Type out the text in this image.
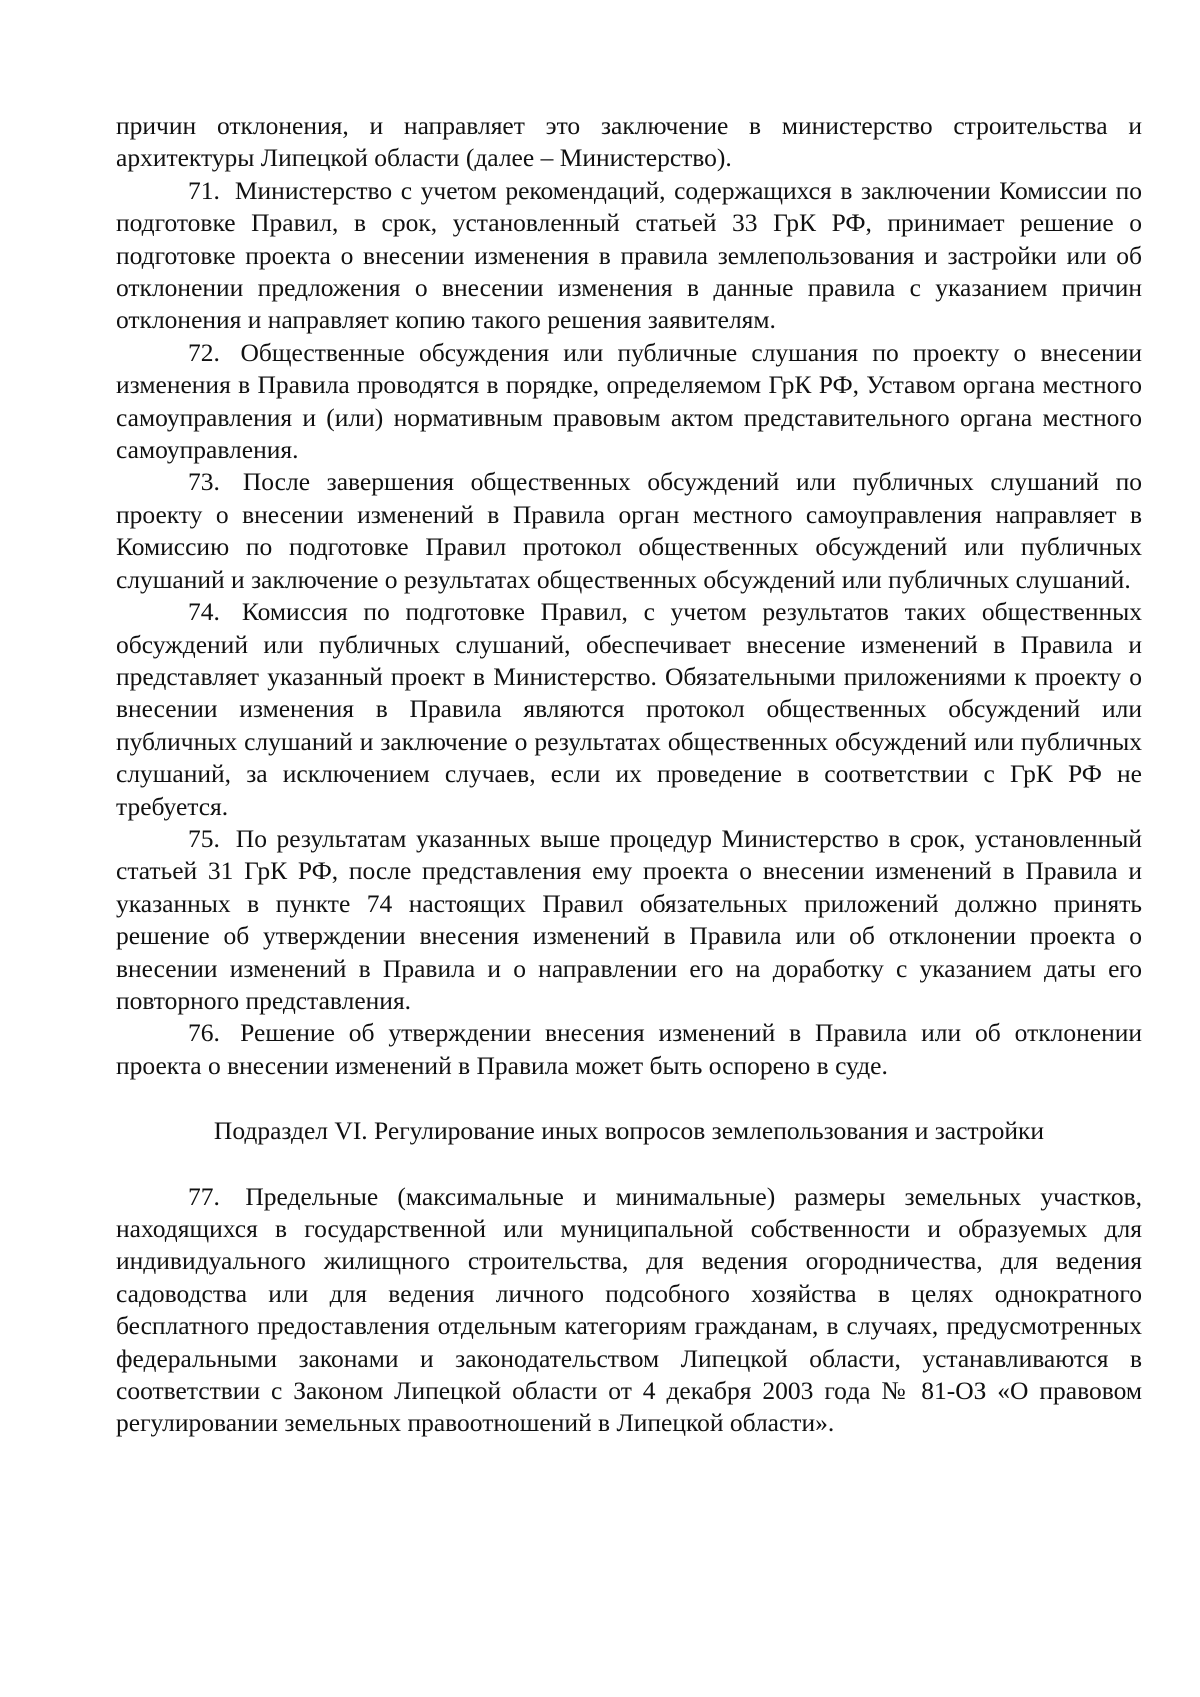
причин отклонения, и направляет это заключение в министерство строительства и архитектуры Липецкой области (далее – Министерство).

71. Министерство с учетом рекомендаций, содержащихся в заключении Комиссии по подготовке Правил, в срок, установленный статьей 33 ГрК РФ, принимает решение о подготовке проекта о внесении изменения в правила землепользования и застройки или об отклонении предложения о внесении изменения в данные правила с указанием причин отклонения и направляет копию такого решения заявителям.

72. Общественные обсуждения или публичные слушания по проекту о внесении изменения в Правила проводятся в порядке, определяемом ГрК РФ, Уставом органа местного самоуправления и (или) нормативным правовым актом представительного органа местного самоуправления.

73. После завершения общественных обсуждений или публичных слушаний по проекту о внесении изменений в Правила орган местного самоуправления направляет в Комиссию по подготовке Правил протокол общественных обсуждений или публичных слушаний и заключение о результатах общественных обсуждений или публичных слушаний.

74. Комиссия по подготовке Правил, с учетом результатов таких общественных обсуждений или публичных слушаний, обеспечивает внесение изменений в Правила и представляет указанный проект в Министерство. Обязательными приложениями к проекту о внесении изменения в Правила являются протокол общественных обсуждений или публичных слушаний и заключение о результатах общественных обсуждений или публичных слушаний, за исключением случаев, если их проведение в соответствии с ГрК РФ не требуется.

75. По результатам указанных выше процедур Министерство в срок, установленный статьей 31 ГрК РФ, после представления ему проекта о внесении изменений в Правила и указанных в пункте 74 настоящих Правил обязательных приложений должно принять решение об утверждении внесения изменений в Правила или об отклонении проекта о внесении изменений в Правила и о направлении его на доработку с указанием даты его повторного представления.

76. Решение об утверждении внесения изменений в Правила или об отклонении проекта о внесении изменений в Правила может быть оспорено в суде.

Подраздел VI. Регулирование иных вопросов землепользования и застройки

77. Предельные (максимальные и минимальные) размеры земельных участков, находящихся в государственной или муниципальной собственности и образуемых для индивидуального жилищного строительства, для ведения огородничества, для ведения садоводства или для ведения личного подсобного хозяйства в целях однократного бесплатного предоставления отдельным категориям гражданам, в случаях, предусмотренных федеральными законами и законодательством Липецкой области, устанавливаются в соответствии с Законом Липецкой области от 4 декабря 2003 года № 81-ОЗ «О правовом регулировании земельных правоотношений в Липецкой области».
